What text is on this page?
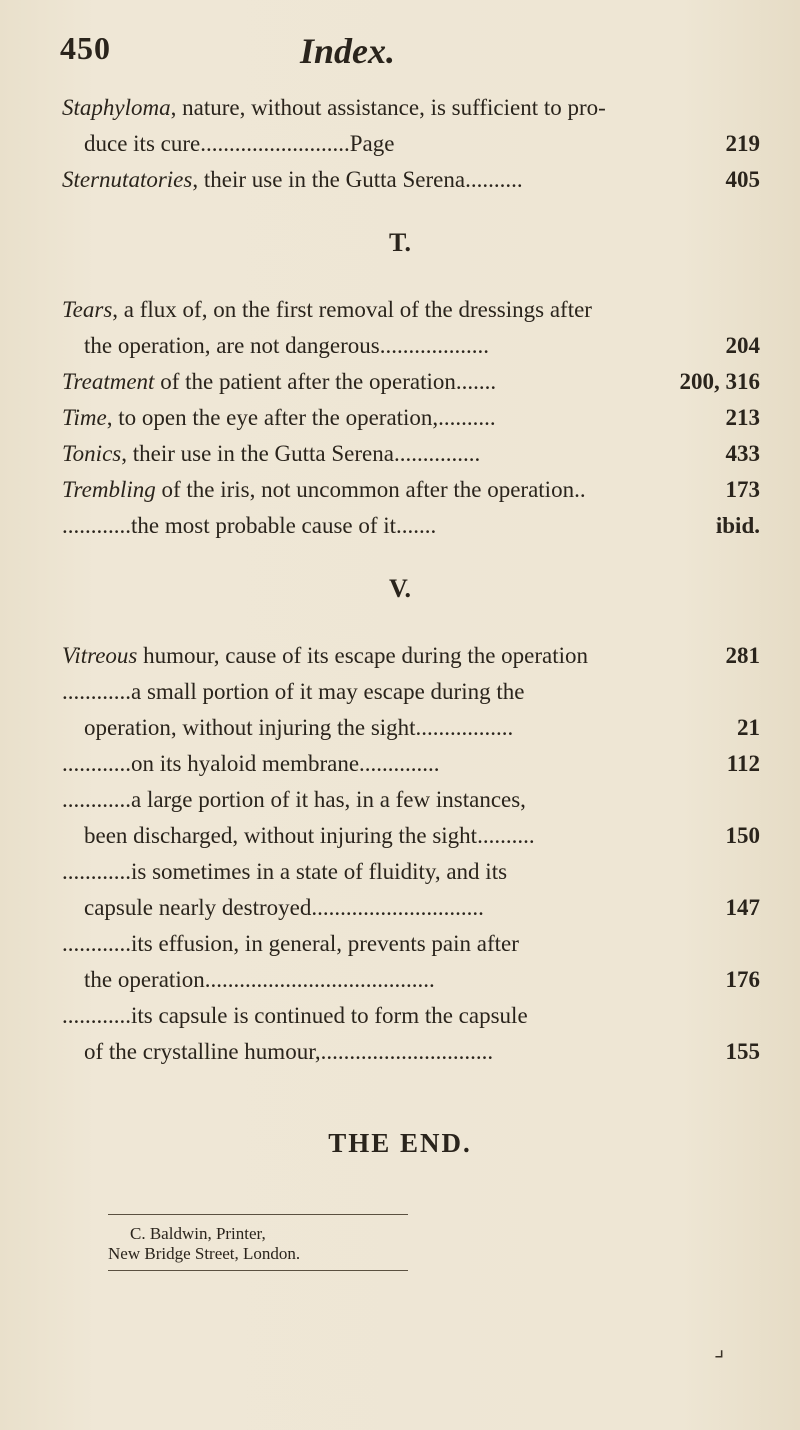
450	Index.
Staphyloma, nature, without assistance, is sufficient to pro-
duce its cure..........................Page	219
Sternutatories, their use in the Gutta Serena..........	405
T.
Tears, a flux of, on the first removal of the dressings after
the operation, are not dangerous...................	204
Treatment of the patient after the operation.......	200, 316
Time, to open the eye after the operation,..........	213
Tonics, their use in the Gutta Serena...............	433
Trembling of the iris, not uncommon after the operation..	173
............the most probable cause of it.......	ibid.
V.
Vitreous humour, cause of its escape during the operation	281
............a small portion of it may escape during the
operation, without injuring the sight.................	21
............on its hyaloid membrane..............	112
............a large portion of it has, in a few instances,
been discharged, without injuring the sight..........	150
............is sometimes in a state of fluidity, and its
capsule nearly destroyed..............................	147
............its effusion, in general, prevents pain after
the operation........................................	176
............its capsule is continued to form the capsule
of the crystalline humour,..............................	155
THE END.
C. Baldwin, Printer,
New Bridge Street, London.
⌟
